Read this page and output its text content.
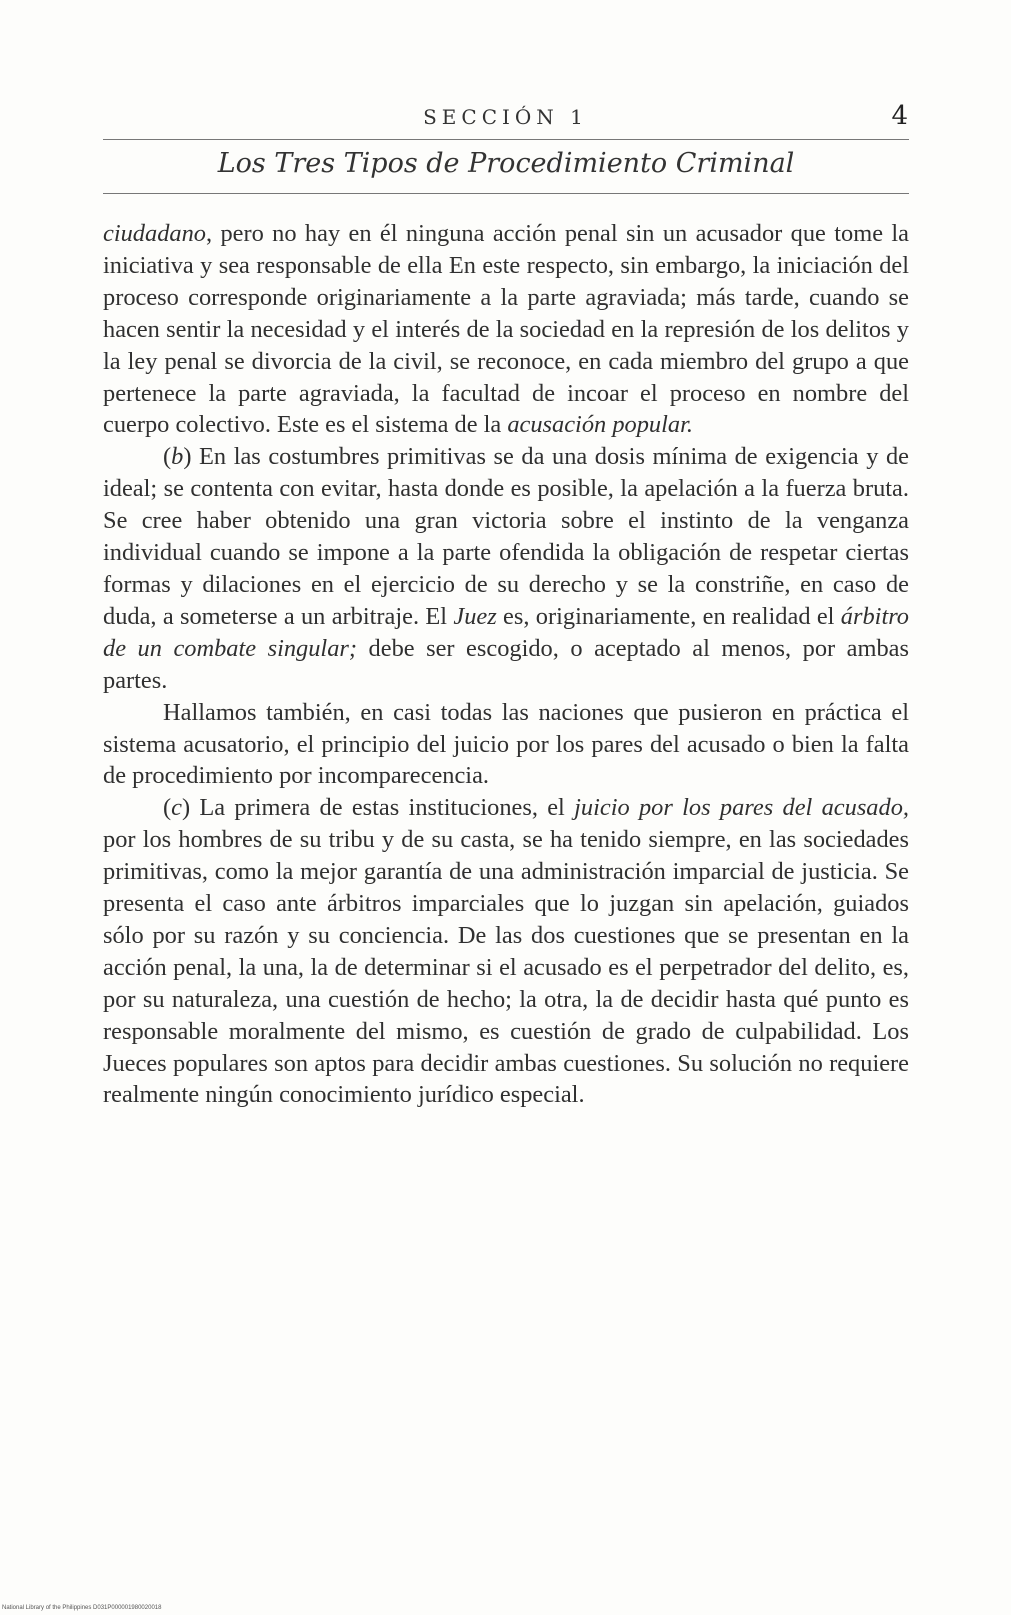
SECCIÓN 1	4
Los Tres Tipos de Procedimiento Criminal

ciudadano, pero no hay en él ninguna acción penal sin un acusador que tome la iniciativa y sea responsable de ella En este respecto, sin embargo, la iniciación del proceso corresponde originariamente a la parte agraviada; más tarde, cuando se hacen sentir la necesidad y el interés de la sociedad en la represión de los delitos y la ley penal se divorcia de la civil, se reconoce, en cada miembro del grupo a que pertenece la parte agraviada, la facultad de incoar el proceso en nombre del cuerpo colectivo. Este es el sistema de la acusación popular.

(b) En las costumbres primitivas se da una dosis mínima de exigencia y de ideal; se contenta con evitar, hasta donde es posible, la apelación a la fuerza bruta. Se cree haber obtenido una gran victoria sobre el instinto de la venganza individual cuando se impone a la parte ofendida la obligación de respetar ciertas formas y dilaciones en el ejercicio de su derecho y se la constriñe, en caso de duda, a someterse a un arbitraje. El Juez es, originariamente, en realidad el árbitro de un combate singular; debe ser escogido, o aceptado al menos, por ambas partes.

Hallamos también, en casi todas las naciones que pusieron en práctica el sistema acusatorio, el principio del juicio por los pares del acusado o bien la falta de procedimiento por incomparecencia.

(c) La primera de estas instituciones, el juicio por los pares del acusado, por los hombres de su tribu y de su casta, se ha tenido siempre, en las sociedades primitivas, como la mejor garantía de una administración imparcial de justicia. Se presenta el caso ante árbitros imparciales que lo juzgan sin apelación, guiados sólo por su razón y su conciencia. De las dos cuestiones que se presentan en la acción penal, la una, la de determinar si el acusado es el perpetrador del delito, es, por su naturaleza, una cuestión de hecho; la otra, la de decidir hasta qué punto es responsable moralmente del mismo, es cuestión de grado de culpabilidad. Los Jueces populares son aptos para decidir ambas cuestiones. Su solución no requiere realmente ningún conocimiento jurídico especial.

National Library of the Philippines D031P000001980020018
